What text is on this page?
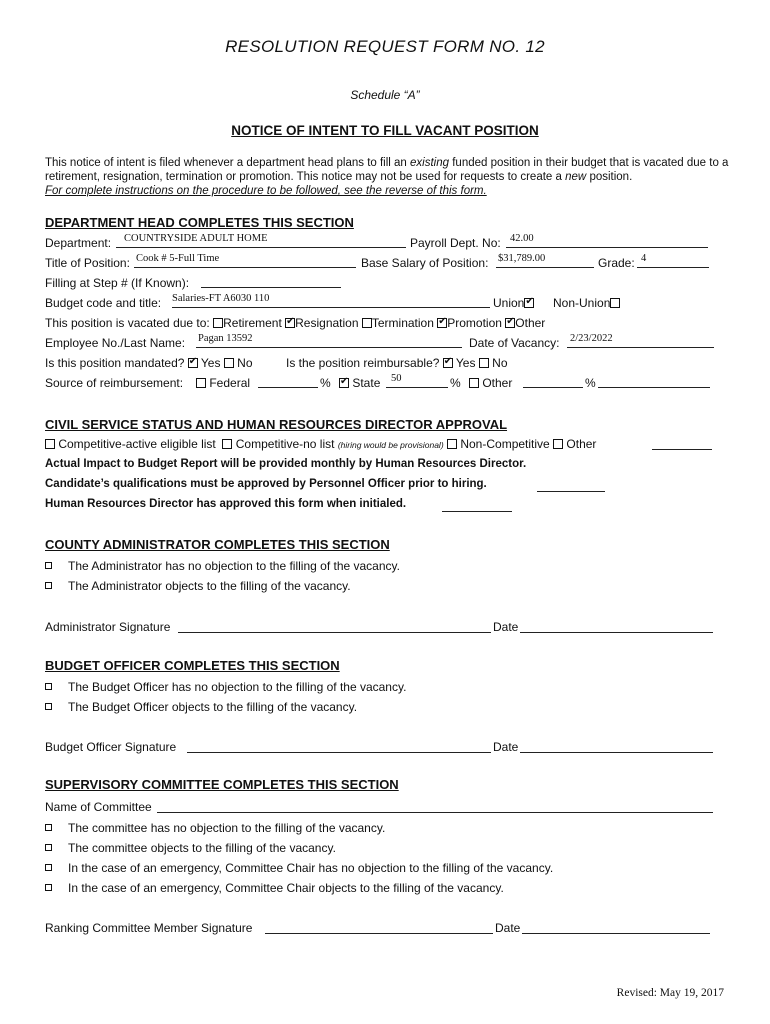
RESOLUTION REQUEST FORM NO. 12
Schedule “A”
NOTICE OF INTENT TO FILL VACANT POSITION
This notice of intent is filed whenever a department head plans to fill an existing funded position in their budget that is vacated due to a retirement, resignation, termination or promotion. This notice may not be used for requests to create a new position.
For complete instructions on the procedure to be followed, see the reverse of this form.
DEPARTMENT HEAD COMPLETES THIS SECTION
Department: COUNTRYSIDE ADULT HOME	Payroll Dept. No: 42.00
Title of Position: Cook # 5-Full Time	Base Salary of Position: $31,789.00	Grade: 4
Filling at Step # (If Known):
Budget code and title: Salaries-FT A6030 110	Union ✔	Non-Union
This position is vacated due to: Retirement ✔ Resignation Termination ✔ Promotion ✔ Other
Employee No./Last Name: Pagan 13592	Date of Vacancy: 2/23/2022
Is this position mandated? ✔ Yes No	Is the position reimbursable? ✔ Yes No
Source of reimbursement:	Federal	% ✔	State 50	%	Other	%
CIVIL SERVICE STATUS AND HUMAN RESOURCES DIRECTOR APPROVAL
Competitive-active eligible list Competitive-no list (hiring would be provisional) Non-Competitive Other
Actual Impact to Budget Report will be provided monthly by Human Resources Director.
Candidate’s qualifications must be approved by Personnel Officer prior to hiring.
Human Resources Director has approved this form when initialed.
COUNTY ADMINISTRATOR COMPLETES THIS SECTION
The Administrator has no objection to the filling of the vacancy.
The Administrator objects to the filling of the vacancy.
Administrator Signature	Date
BUDGET OFFICER COMPLETES THIS SECTION
The Budget Officer has no objection to the filling of the vacancy.
The Budget Officer objects to the filling of the vacancy.
Budget Officer Signature	Date
SUPERVISORY COMMITTEE COMPLETES THIS SECTION
Name of Committee
The committee has no objection to the filling of the vacancy.
The committee objects to the filling of the vacancy.
In the case of an emergency, Committee Chair has no objection to the filling of the vacancy.
In the case of an emergency, Committee Chair objects to the filling of the vacancy.
Ranking Committee Member Signature	Date
Revised: May 19, 2017
